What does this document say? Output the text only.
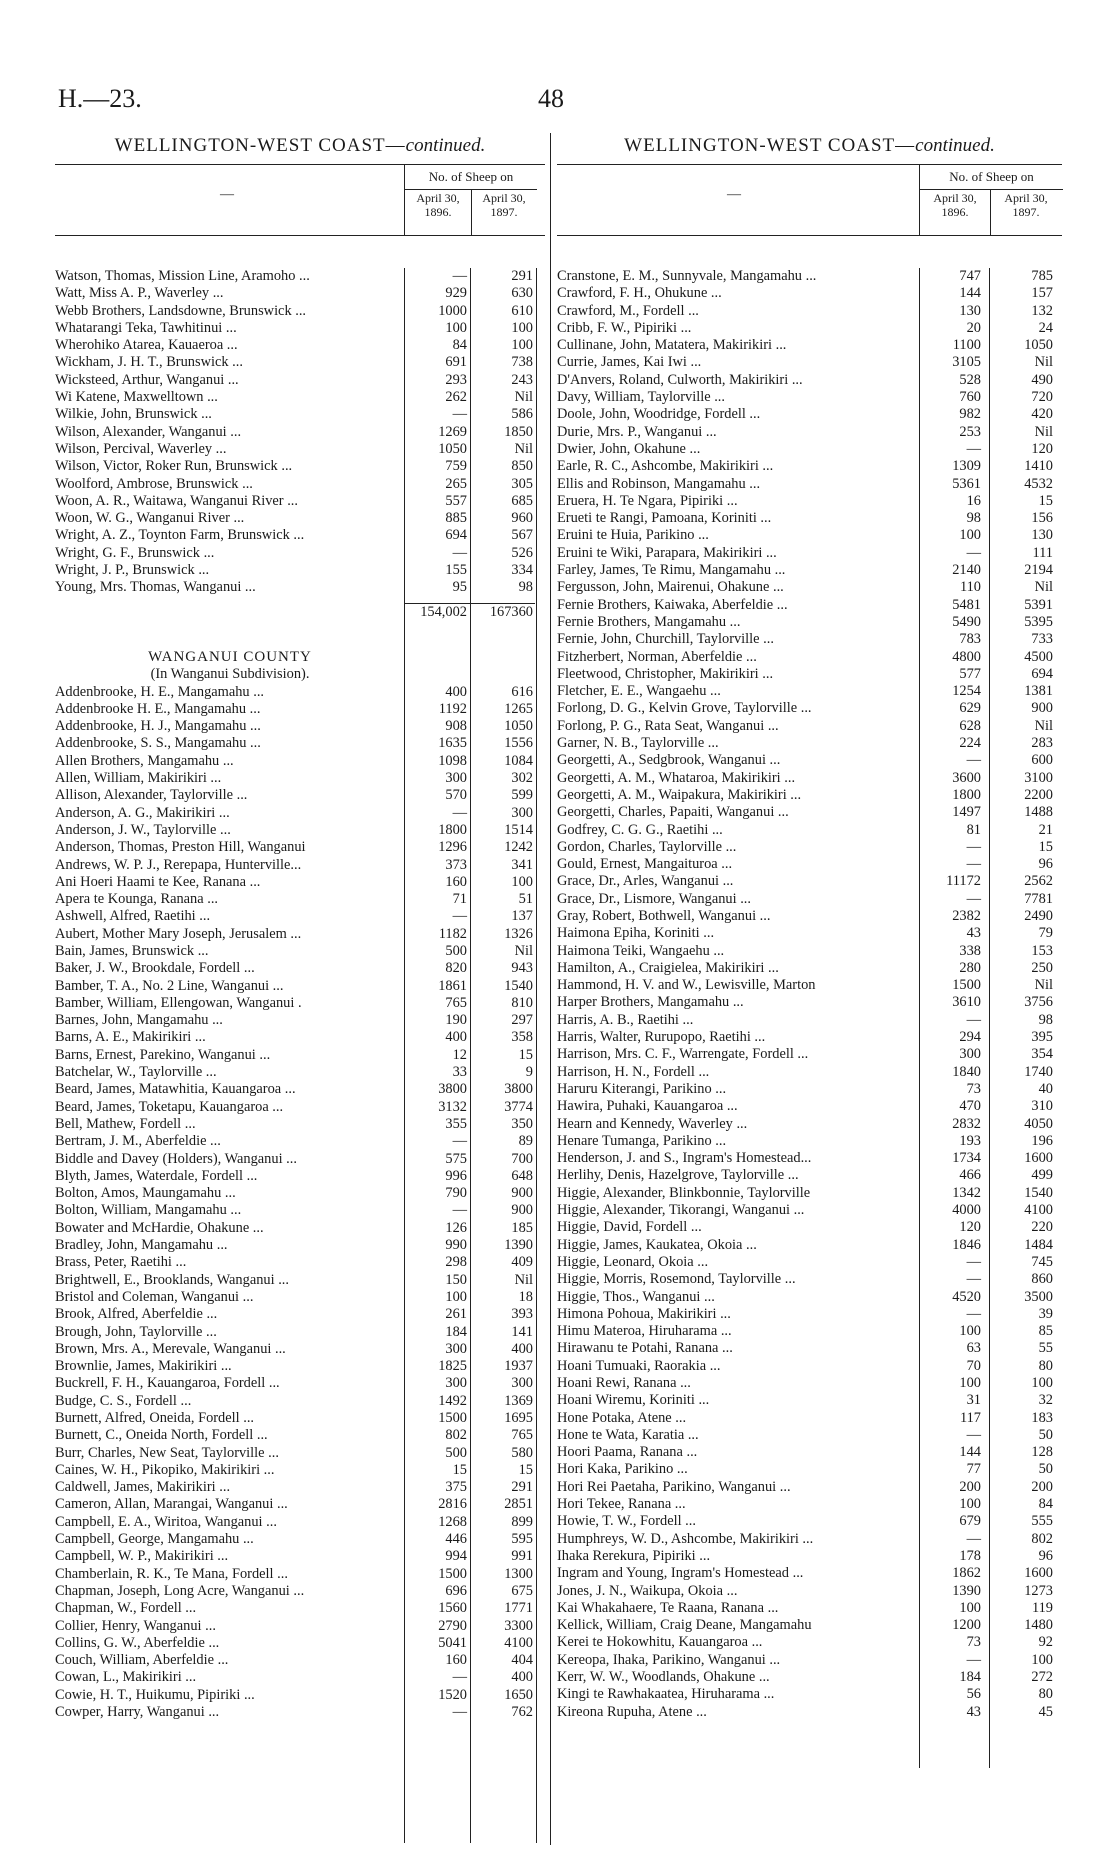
H.—23.	48
WELLINGTON-WEST COAST—continued.
—
No. of Sheep on
April 30, 1896.
April 30, 1897.
Watson, Thomas, Mission Line, Aramoho ...	—	291
Watt, Miss A. P., Waverley ...	929	630
Webb Brothers, Landsdowne, Brunswick ...	1000	610
Whatarangi Teka, Tawhitinui ...	100	100
Wherohiko Atarea, Kauaeroa ...	84	100
Wickham, J. H. T., Brunswick ...	691	738
Wicksteed, Arthur, Wanganui ...	293	243
Wi Katene, Maxwelltown ...	262	Nil
Wilkie, John, Brunswick ...	—	586
Wilson, Alexander, Wanganui ...	1269	1850
Wilson, Percival, Waverley ...	1050	Nil
Wilson, Victor, Roker Run, Brunswick ...	759	850
Woolford, Ambrose, Brunswick ...	265	305
Woon, A. R., Waitawa, Wanganui River ...	557	685
Woon, W. G., Wanganui River ...	885	960
Wright, A. Z., Toynton Farm, Brunswick ...	694	567
Wright, G. F., Brunswick ...	—	526
Wright, J. P., Brunswick ...	155	334
Young, Mrs. Thomas, Wanganui ...	95	98
154,002	167360
WANGANUI COUNTY
(In Wanganui Subdivision).
Addenbrooke, H. E., Mangamahu ...	400	616
Addenbrooke H. E., Mangamahu ...	1192	1265
Addenbrooke, H. J., Mangamahu ...	908	1050
Addenbrooke, S. S., Mangamahu ...	1635	1556
Allen Brothers, Mangamahu ...	1098	1084
Allen, William, Makirikiri ...	300	302
Allison, Alexander, Taylorville ...	570	599
Anderson, A. G., Makirikiri ...	—	300
Anderson, J. W., Taylorville ...	1800	1514
Anderson, Thomas, Preston Hill, Wanganui	1296	1242
Andrews, W. P. J., Rerepapa, Hunterville...	373	341
Ani Hoeri Haami te Kee, Ranana ...	160	100
Apera te Kounga, Ranana ...	71	51
Ashwell, Alfred, Raetihi ...	—	137
Aubert, Mother Mary Joseph, Jerusalem ...	1182	1326
Bain, James, Brunswick ...	500	Nil
Baker, J. W., Brookdale, Fordell ...	820	943
Bamber, T. A., No. 2 Line, Wanganui ...	1861	1540
Bamber, William, Ellengowan, Wanganui .	765	810
Barnes, John, Mangamahu ...	190	297
Barns, A. E., Makirikiri ...	400	358
Barns, Ernest, Parekino, Wanganui ...	12	15
Batchelar, W., Taylorville ...	33	9
Beard, James, Matawhitia, Kauangaroa ...	3800	3800
Beard, James, Toketapu, Kauangaroa ...	3132	3774
Bell, Mathew, Fordell ...	355	350
Bertram, J. M., Aberfeldie ...	—	89
Biddle and Davey (Holders), Wanganui ...	575	700
Blyth, James, Waterdale, Fordell ...	996	648
Bolton, Amos, Maungamahu ...	790	900
Bolton, William, Mangamahu ...	—	900
Bowater and McHardie, Ohakune ...	126	185
Bradley, John, Mangamahu ...	990	1390
Brass, Peter, Raetihi ...	298	409
Brightwell, E., Brooklands, Wanganui ...	150	Nil
Bristol and Coleman, Wanganui ...	100	18
Brook, Alfred, Aberfeldie ...	261	393
Brough, John, Taylorville ...	184	141
Brown, Mrs. A., Merevale, Wanganui ...	300	400
Brownlie, James, Makirikiri ...	1825	1937
Buckrell, F. H., Kauangaroa, Fordell ...	300	300
Budge, C. S., Fordell ...	1492	1369
Burnett, Alfred, Oneida, Fordell ...	1500	1695
Burnett, C., Oneida North, Fordell ...	802	765
Burr, Charles, New Seat, Taylorville ...	500	580
Caines, W. H., Pikopiko, Makirikiri ...	15	15
Caldwell, James, Makirikiri ...	375	291
Cameron, Allan, Marangai, Wanganui ...	2816	2851
Campbell, E. A., Wiritoa, Wanganui ...	1268	899
Campbell, George, Mangamahu ...	446	595
Campbell, W. P., Makirikiri ...	994	991
Chamberlain, R. K., Te Mana, Fordell ...	1500	1300
Chapman, Joseph, Long Acre, Wanganui ...	696	675
Chapman, W., Fordell ...	1560	1771
Collier, Henry, Wanganui ...	2790	3300
Collins, G. W., Aberfeldie ...	5041	4100
Couch, William, Aberfeldie ...	160	404
Cowan, L., Makirikiri ...	—	400
Cowie, H. T., Huikumu, Pipiriki ...	1520	1650
Cowper, Harry, Wanganui ...	—	762
WELLINGTON-WEST COAST—continued.
—
No. of Sheep on
April 30, 1896.
April 30, 1897.
Cranstone, E. M., Sunnyvale, Mangamahu ...	747	785
Crawford, F. H., Ohukune ...	144	157
Crawford, M., Fordell ...	130	132
Cribb, F. W., Pipiriki ...	20	24
Cullinane, John, Matatera, Makirikiri ...	1100	1050
Currie, James, Kai Iwi ...	3105	Nil
D'Anvers, Roland, Culworth, Makirikiri ...	528	490
Davy, William, Taylorville ...	760	720
Doole, John, Woodridge, Fordell ...	982	420
Durie, Mrs. P., Wanganui ...	253	Nil
Dwier, John, Okahune ...	—	120
Earle, R. C., Ashcombe, Makirikiri ...	1309	1410
Ellis and Robinson, Mangamahu ...	5361	4532
Eruera, H. Te Ngara, Pipiriki ...	16	15
Erueti te Rangi, Pamoana, Koriniti ...	98	156
Eruini te Huia, Parikino ...	100	130
Eruini te Wiki, Parapara, Makirikiri ...	—	111
Farley, James, Te Rimu, Mangamahu ...	2140	2194
Fergusson, John, Mairenui, Ohakune ...	110	Nil
Fernie Brothers, Kaiwaka, Aberfeldie ...	5481	5391
Fernie Brothers, Mangamahu ...	5490	5395
Fernie, John, Churchill, Taylorville ...	783	733
Fitzherbert, Norman, Aberfeldie ...	4800	4500
Fleetwood, Christopher, Makirikiri ...	577	694
Fletcher, E. E., Wangaehu ...	1254	1381
Forlong, D. G., Kelvin Grove, Taylorville ...	629	900
Forlong, P. G., Rata Seat, Wanganui ...	628	Nil
Garner, N. B., Taylorville ...	224	283
Georgetti, A., Sedgbrook, Wanganui ...	—	600
Georgetti, A. M., Whataroa, Makirikiri ...	3600	3100
Georgetti, A. M., Waipakura, Makirikiri ...	1800	2200
Georgetti, Charles, Papaiti, Wanganui ...	1497	1488
Godfrey, C. G. G., Raetihi ...	81	21
Gordon, Charles, Taylorville ...	—	15
Gould, Ernest, Mangaituroa ...	—	96
Grace, Dr., Arles, Wanganui ...	11172	2562
Grace, Dr., Lismore, Wanganui ...	—	7781
Gray, Robert, Bothwell, Wanganui ...	2382	2490
Haimona Epiha, Koriniti ...	43	79
Haimona Teiki, Wangaehu ...	338	153
Hamilton, A., Craigielea, Makirikiri ...	280	250
Hammond, H. V. and W., Lewisville, Marton	1500	Nil
Harper Brothers, Mangamahu ...	3610	3756
Harris, A. B., Raetihi ...	—	98
Harris, Walter, Rurupopo, Raetihi ...	294	395
Harrison, Mrs. C. F., Warrengate, Fordell ...	300	354
Harrison, H. N., Fordell ...	1840	1740
Haruru Kiterangi, Parikino ...	73	40
Hawira, Puhaki, Kauangaroa ...	470	310
Hearn and Kennedy, Waverley ...	2832	4050
Henare Tumanga, Parikino ...	193	196
Henderson, J. and S., Ingram's Homestead...	1734	1600
Herlihy, Denis, Hazelgrove, Taylorville ...	466	499
Higgie, Alexander, Blinkbonnie, Taylorville	1342	1540
Higgie, Alexander, Tikorangi, Wanganui ...	4000	4100
Higgie, David, Fordell ...	120	220
Higgie, James, Kaukatea, Okoia ...	1846	1484
Higgie, Leonard, Okoia ...	—	745
Higgie, Morris, Rosemond, Taylorville ...	—	860
Higgie, Thos., Wanganui ...	4520	3500
Himona Pohoua, Makirikiri ...	—	39
Himu Materoa, Hiruharama ...	100	85
Hirawanu te Potahi, Ranana ...	63	55
Hoani Tumuaki, Raorakia ...	70	80
Hoani Rewi, Ranana ...	100	100
Hoani Wiremu, Koriniti ...	31	32
Hone Potaka, Atene ...	117	183
Hone te Wata, Karatia ...	—	50
Hoori Paama, Ranana ...	144	128
Hori Kaka, Parikino ...	77	50
Hori Rei Paetaha, Parikino, Wanganui ...	200	200
Hori Tekee, Ranana ...	100	84
Howie, T. W., Fordell ...	679	555
Humphreys, W. D., Ashcombe, Makirikiri ...	—	802
Ihaka Rerekura, Pipiriki ...	178	96
Ingram and Young, Ingram's Homestead ...	1862	1600
Jones, J. N., Waikupa, Okoia ...	1390	1273
Kai Whakahaere, Te Raana, Ranana ...	100	119
Kellick, William, Craig Deane, Mangamahu	1200	1480
Kerei te Hokowhitu, Kauangaroa ...	73	92
Kereopa, Ihaka, Parikino, Wanganui ...	—	100
Kerr, W. W., Woodlands, Ohakune ...	184	272
Kingi te Rawhakaatea, Hiruharama ...	56	80
Kireona Rupuha, Atene ...	43	45
